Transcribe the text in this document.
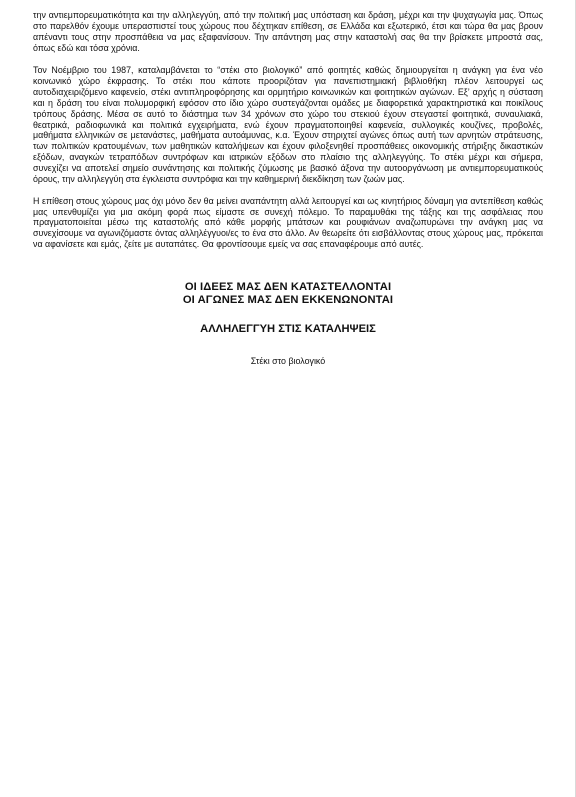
την αντιεμπορευματικότητα και την αλληλεγγύη, από την πολιτική μας υπόσταση και δράση, μέχρι και την ψυχαγωγία μας. Όπως στο παρελθόν έχουμε υπερασπιστεί τους χώρους που δέχτηκαν επίθεση, σε Ελλάδα και εξωτερικό, έτσι και τώρα θα μας βρουν απέναντι τους στην προσπάθεια να μας εξαφανίσουν. Την απάντηση μας στην καταστολή σας θα την βρίσκετε μπροστά σας, όπως εδώ και τόσα χρόνια.

Τον Νοέμβριο του 1987, καταλαμβάνεται το “στέκι στο βιολογικό” από φοιτητές καθώς δημιουργείται η ανάγκη για ένα νέο κοινωνικό χώρο έκφρασης. Το στέκι που κάποτε προοριζόταν για πανεπιστημιακή βιβλιοθήκη πλέον λειτουργεί ως αυτοδιαχειριζόμενο καφενείο, στέκι αντιπληροφόρησης και ορμητήριο κοινωνικών και φοιτητικών αγώνων. Εξ’ αρχής η σύσταση και η δράση του είναι πολυμορφική εφόσον στο ίδιο χώρο συστεγάζονται ομάδες με διαφορετικά χαρακτηριστικά και ποικίλους τρόπους δράσης. Μέσα σε αυτό το διάστημα των 34 χρόνων στο χώρο του στεκιού έχουν στεγαστεί φοιτητικά, συναυλιακά, θεατρικά, ραδιοφωνικά και πολιτικά εγχειρήματα, ενώ έχουν πραγματοποιηθεί καφενεία, συλλογικές κουζίνες, προβολές, μαθήματα ελληνικών σε μετανάστες, μαθήματα αυτοάμυνας, κ.α. Έχουν στηριχτεί αγώνες όπως αυτή των αρνητών στράτευσης, των πολιτικών κρατουμένων, των μαθητικών καταλήψεων και έχουν φιλοξενηθεί προσπάθειες οικονομικής στήριξης δικαστικών εξόδων, αναγκών τετραπόδων συντρόφων και ιατρικών εξόδων στο πλαίσιο της αλληλεγγύης. Το στέκι μέχρι και σήμερα, συνεχίζει να αποτελεί σημείο συνάντησης και πολιτικής ζύμωσης με βασικό άξονα την αυτοοργάνωση με αντιεμπορευματικούς όρους, την αλληλεγγύη στα έγκλειστα συντρόφια και την καθημερινή διεκδίκηση των ζωών μας.

Η επίθεση στους χώρους μας όχι μόνο δεν θα μείνει αναπάντητη αλλά λειτουργεί και ως κινητήριος δύναμη για αντεπίθεση καθώς μας υπενθυμίζει για μια ακόμη φορά πως είμαστε σε συνεχή πόλεμο. Το παραμυθάκι της τάξης και της ασφάλειας που πραγματοποιείται μέσω της καταστολής από κάθε μορφής μπάτσων και ρουφιάνων αναζωπυρώνει την ανάγκη μας να συνεχίσουμε να αγωνιζόμαστε όντας αλληλέγγυοι/ες το ένα στο άλλο. Αν θεωρείτε ότι εισβάλλοντας στους χώρους μας, πρόκειται να αφανίσετε και εμάς, ζείτε με αυταπάτες. Θα φροντίσουμε εμείς να σας επαναφέρουμε από αυτές.

ΟΙ ΙΔΕΕΣ ΜΑΣ ΔΕΝ ΚΑΤΑΣΤΕΛΛΟΝΤΑΙ
ΟΙ ΑΓΩΝΕΣ ΜΑΣ ΔΕΝ ΕΚΚΕΝΩΝΟΝΤΑΙ
ΑΛΛΗΛΕΓΓΥΗ ΣΤΙΣ ΚΑΤΑΛΗΨΕΙΣ
Στέκι στο βιολογικό
